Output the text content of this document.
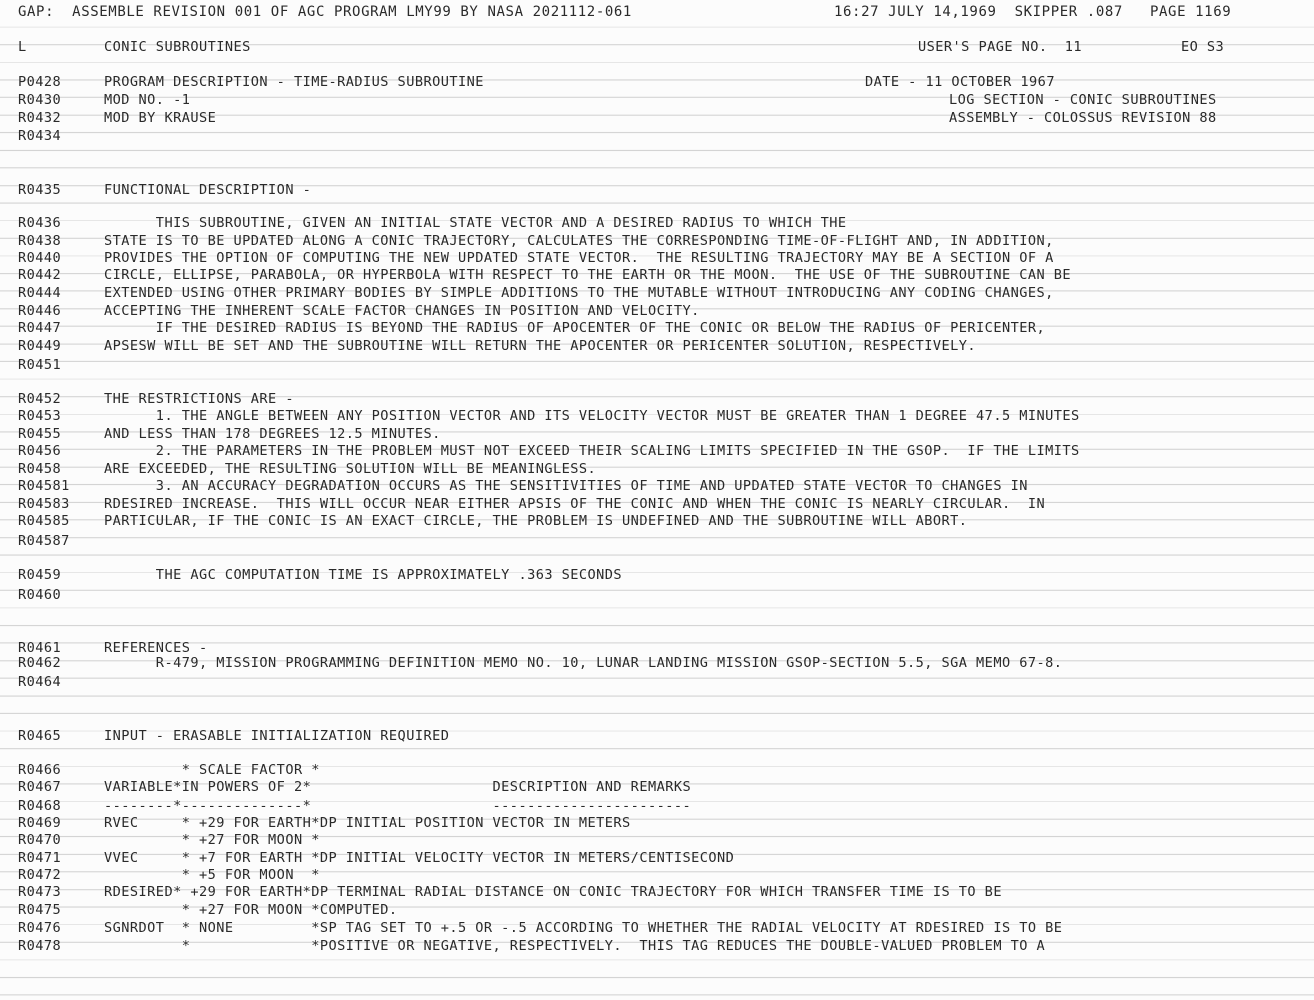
GAP:  ASSEMBLE REVISION 001 OF AGC PROGRAM LMY99 BY NASA 2021112-061	16:27 JULY 14,1969  SKIPPER .087   PAGE 1169

L

	CONIC SUBROUTINES

	USER'S PAGE NO.  11

	EO S3

P0428	PROGRAM DESCRIPTION - TIME-RADIUS SUBROUTINE	DATE - 11 OCTOBER 1967
R0430	MOD NO. -1	LOG SECTION - CONIC SUBROUTINES
R0432	MOD BY KRAUSE	ASSEMBLY - COLOSSUS REVISION 88
R0434
R0435	FUNCTIONAL DESCRIPTION -
R0436	THIS SUBROUTINE, GIVEN AN INITIAL STATE VECTOR AND A DESIRED RADIUS TO WHICH THE
R0438	STATE IS TO BE UPDATED ALONG A CONIC TRAJECTORY, CALCULATES THE CORRESPONDING TIME-OF-FLIGHT AND, IN ADDITION,
R0440	PROVIDES THE OPTION OF COMPUTING THE NEW UPDATED STATE VECTOR.  THE RESULTING TRAJECTORY MAY BE A SECTION OF A
R0442	CIRCLE, ELLIPSE, PARABOLA, OR HYPERBOLA WITH RESPECT TO THE EARTH OR THE MOON.  THE USE OF THE SUBROUTINE CAN BE
R0444	EXTENDED USING OTHER PRIMARY BODIES BY SIMPLE ADDITIONS TO THE MUTABLE WITHOUT INTRODUCING ANY CODING CHANGES,
R0446	ACCEPTING THE INHERENT SCALE FACTOR CHANGES IN POSITION AND VELOCITY.
R0447	IF THE DESIRED RADIUS IS BEYOND THE RADIUS OF APOCENTER OF THE CONIC OR BELOW THE RADIUS OF PERICENTER,
R0449	APSESW WILL BE SET AND THE SUBROUTINE WILL RETURN THE APOCENTER OR PERICENTER SOLUTION, RESPECTIVELY.
R0451
R0452	THE RESTRICTIONS ARE -
R0453	1. THE ANGLE BETWEEN ANY POSITION VECTOR AND ITS VELOCITY VECTOR MUST BE GREATER THAN 1 DEGREE 47.5 MINUTES
R0455	AND LESS THAN 178 DEGREES 12.5 MINUTES.
R0456	2. THE PARAMETERS IN THE PROBLEM MUST NOT EXCEED THEIR SCALING LIMITS SPECIFIED IN THE GSOP.  IF THE LIMITS
R0458	ARE EXCEEDED, THE RESULTING SOLUTION WILL BE MEANINGLESS.
R04581	3. AN ACCURACY DEGRADATION OCCURS AS THE SENSITIVITIES OF TIME AND UPDATED STATE VECTOR TO CHANGES IN
R04583	RDESIRED INCREASE.  THIS WILL OCCUR NEAR EITHER APSIS OF THE CONIC AND WHEN THE CONIC IS NEARLY CIRCULAR.  IN
R04585	PARTICULAR, IF THE CONIC IS AN EXACT CIRCLE, THE PROBLEM IS UNDEFINED AND THE SUBROUTINE WILL ABORT.
R04587
R0459	THE AGC COMPUTATION TIME IS APPROXIMATELY .363 SECONDS
R0460
R0461	REFERENCES -
R0462	R-479, MISSION PROGRAMMING DEFINITION MEMO NO. 10, LUNAR LANDING MISSION GSOP-SECTION 5.5, SGA MEMO 67-8.
R0464
R0465	INPUT - ERASABLE INITIALIZATION REQUIRED
R0466	* SCALE FACTOR *
R0467	VARIABLE*IN POWERS OF 2*                     DESCRIPTION AND REMARKS
R0468	--------*--------------*                     -----------------------
R0469	RVEC     * +29 FOR EARTH*DP INITIAL POSITION VECTOR IN METERS
R0470	* +27 FOR MOON *
R0471	VVEC     * +7 FOR EARTH *DP INITIAL VELOCITY VECTOR IN METERS/CENTISECOND
R0472	* +5 FOR MOON  *
R0473	RDESIRED* +29 FOR EARTH*DP TERMINAL RADIAL DISTANCE ON CONIC TRAJECTORY FOR WHICH TRANSFER TIME IS TO BE
R0475	* +27 FOR MOON *COMPUTED.
R0476	SGNRDOT  * NONE         *SP TAG SET TO +.5 OR -.5 ACCORDING TO WHETHER THE RADIAL VELOCITY AT RDESIRED IS TO BE
R0478	*              *POSITIVE OR NEGATIVE, RESPECTIVELY.  THIS TAG REDUCES THE DOUBLE-VALUED PROBLEM TO A
